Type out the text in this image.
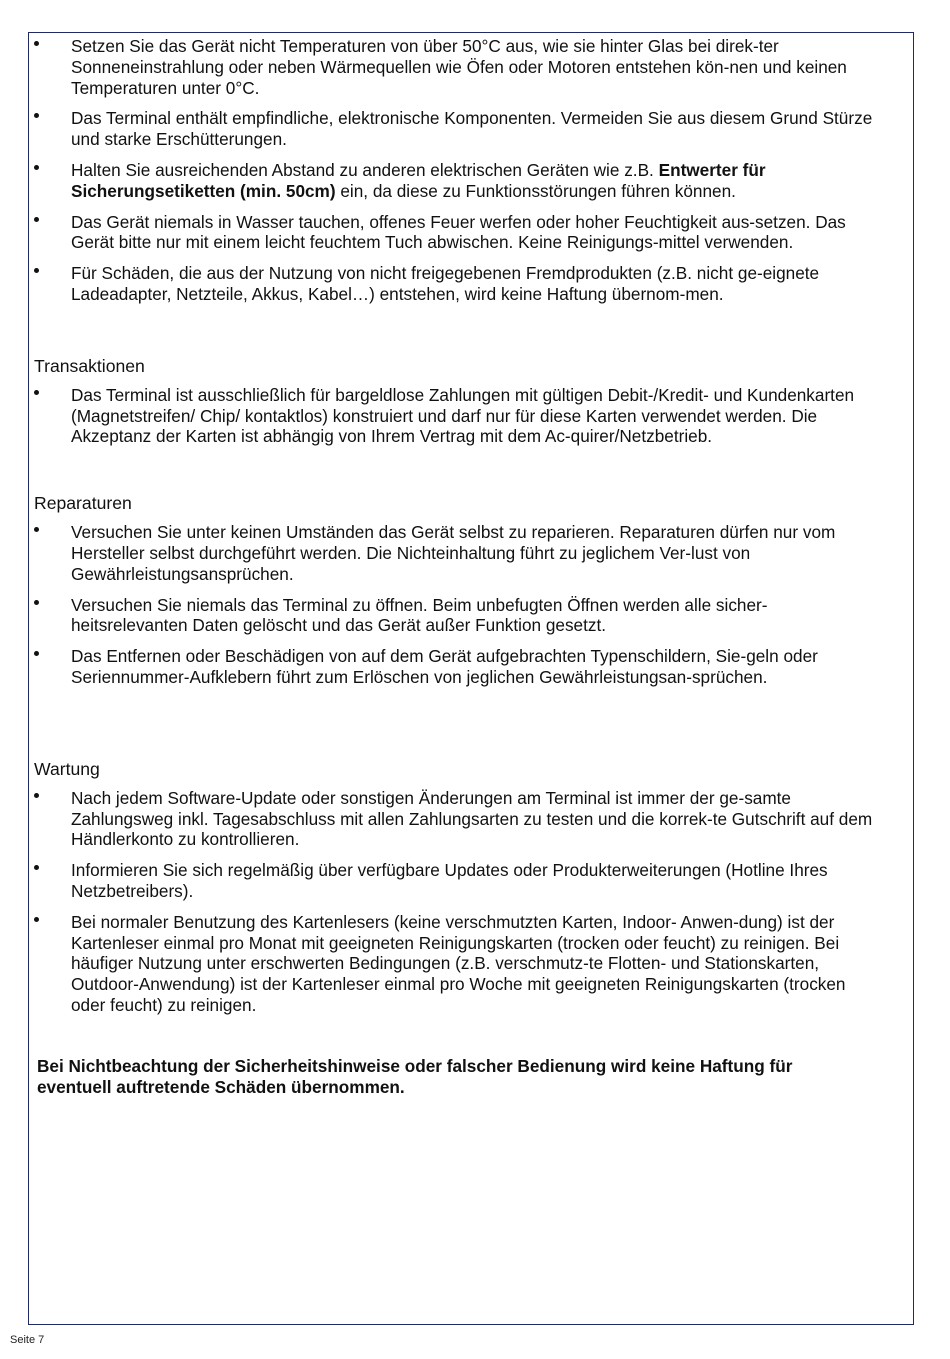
Setzen Sie das Gerät nicht Temperaturen von über 50°C aus, wie sie hinter Glas bei direk-ter Sonneneinstrahlung oder neben Wärmequellen wie Öfen oder Motoren entstehen kön-nen und keinen Temperaturen unter 0°C.
Das Terminal enthält empfindliche, elektronische Komponenten. Vermeiden Sie aus diesem Grund Stürze und starke Erschütterungen.
Halten Sie ausreichenden Abstand zu anderen elektrischen Geräten wie z.B. Entwerter für Sicherungsetiketten (min. 50cm) ein, da diese zu Funktionsstörungen führen können.
Das Gerät niemals in Wasser tauchen, offenes Feuer werfen oder hoher Feuchtigkeit aus-setzen. Das Gerät bitte nur mit einem leicht feuchtem Tuch abwischen. Keine Reinigungs-mittel verwenden.
Für Schäden, die aus der Nutzung von nicht freigegebenen Fremdprodukten (z.B. nicht ge-eignete Ladeadapter, Netzteile, Akkus, Kabel…) entstehen, wird keine Haftung übernom-men.
Transaktionen
Das Terminal ist ausschließlich für bargeldlose Zahlungen mit gültigen Debit-/Kredit- und Kundenkarten (Magnetstreifen/ Chip/ kontaktlos) konstruiert und darf nur für diese Karten verwendet werden. Die Akzeptanz der Karten ist abhängig von Ihrem Vertrag mit dem Ac-quirer/Netzbetrieb.
Reparaturen
Versuchen Sie unter keinen Umständen das Gerät selbst zu reparieren. Reparaturen dürfen nur vom Hersteller selbst durchgeführt werden. Die Nichteinhaltung führt zu jeglichem Ver-lust von Gewährleistungsansprüchen.
Versuchen Sie niemals das Terminal zu öffnen. Beim unbefugten Öffnen werden alle sicher-heitsrelevanten Daten gelöscht und das Gerät außer Funktion gesetzt.
Das Entfernen oder Beschädigen von auf dem Gerät aufgebrachten Typenschildern, Sie-geln oder Seriennummer-Aufklebern führt zum Erlöschen von jeglichen Gewährleistungsan-sprüchen.
Wartung
Nach jedem Software-Update oder sonstigen Änderungen am Terminal ist immer der ge-samte Zahlungsweg inkl. Tagesabschluss mit allen Zahlungsarten zu testen und die korrek-te Gutschrift auf dem Händlerkonto zu kontrollieren.
Informieren Sie sich regelmäßig über verfügbare Updates oder Produkterweiterungen (Hotline Ihres Netzbetreibers).
Bei normaler Benutzung des Kartenlesers (keine verschmutzten Karten, Indoor- Anwen-dung) ist der Kartenleser einmal pro Monat mit geeigneten Reinigungskarten (trocken oder feucht) zu reinigen. Bei häufiger Nutzung unter erschwerten Bedingungen (z.B. verschmutz-te Flotten- und Stationskarten, Outdoor-Anwendung) ist der Kartenleser einmal pro Woche mit geeigneten Reinigungskarten (trocken oder feucht) zu reinigen.

Bei Nichtbeachtung der Sicherheitshinweise oder falscher Bedienung wird keine Haftung für eventuell auftretende Schäden übernommen.

Seite 7
